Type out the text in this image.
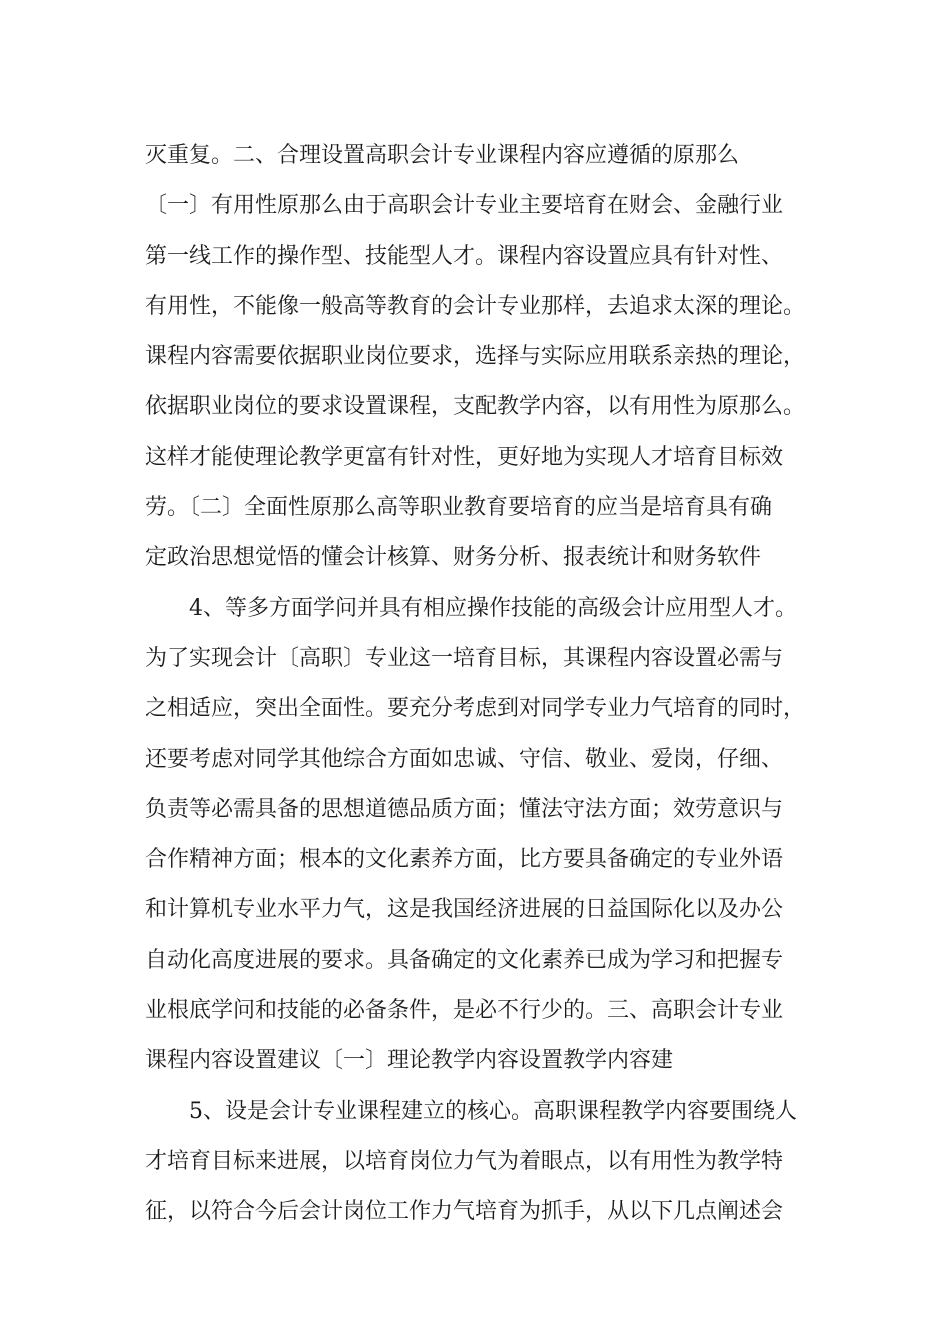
灭重复。二、合理设置高职会计专业课程内容应遵循的原那么
〔一〕有用性原那么由于高职会计专业主要培育在财会、金融行业
第一线工作的操作型、技能型人才。课程内容设置应具有针对性、
有用性，不能像一般高等教育的会计专业那样，去追求太深的理论。
课程内容需要依据职业岗位要求，选择与实际应用联系亲热的理论，
依据职业岗位的要求设置课程，支配教学内容，以有用性为原那么。
这样才能使理论教学更富有针对性，更好地为实现人才培育目标效
劳。〔二〕全面性原那么高等职业教育要培育的应当是培育具有确
定政治思想觉悟的懂会计核算、财务分析、报表统计和财务软件
4、等多方面学问并具有相应操作技能的高级会计应用型人才。
为了实现会计〔高职〕专业这一培育目标，其课程内容设置必需与
之相适应，突出全面性。要充分考虑到对同学专业力气培育的同时，
还要考虑对同学其他综合方面如忠诚、守信、敬业、爱岗，仔细、
负责等必需具备的思想道德品质方面；懂法守法方面；效劳意识与
合作精神方面；根本的文化素养方面，比方要具备确定的专业外语
和计算机专业水平力气，这是我国经济进展的日益国际化以及办公
自动化高度进展的要求。具备确定的文化素养已成为学习和把握专
业根底学问和技能的必备条件，是必不行少的。三、高职会计专业
课程内容设置建议〔一〕理论教学内容设置教学内容建
5、设是会计专业课程建立的核心。高职课程教学内容要围绕人
才培育目标来进展，以培育岗位力气为着眼点，以有用性为教学特
征，以符合今后会计岗位工作力气培育为抓手，从以下几点阐述会
